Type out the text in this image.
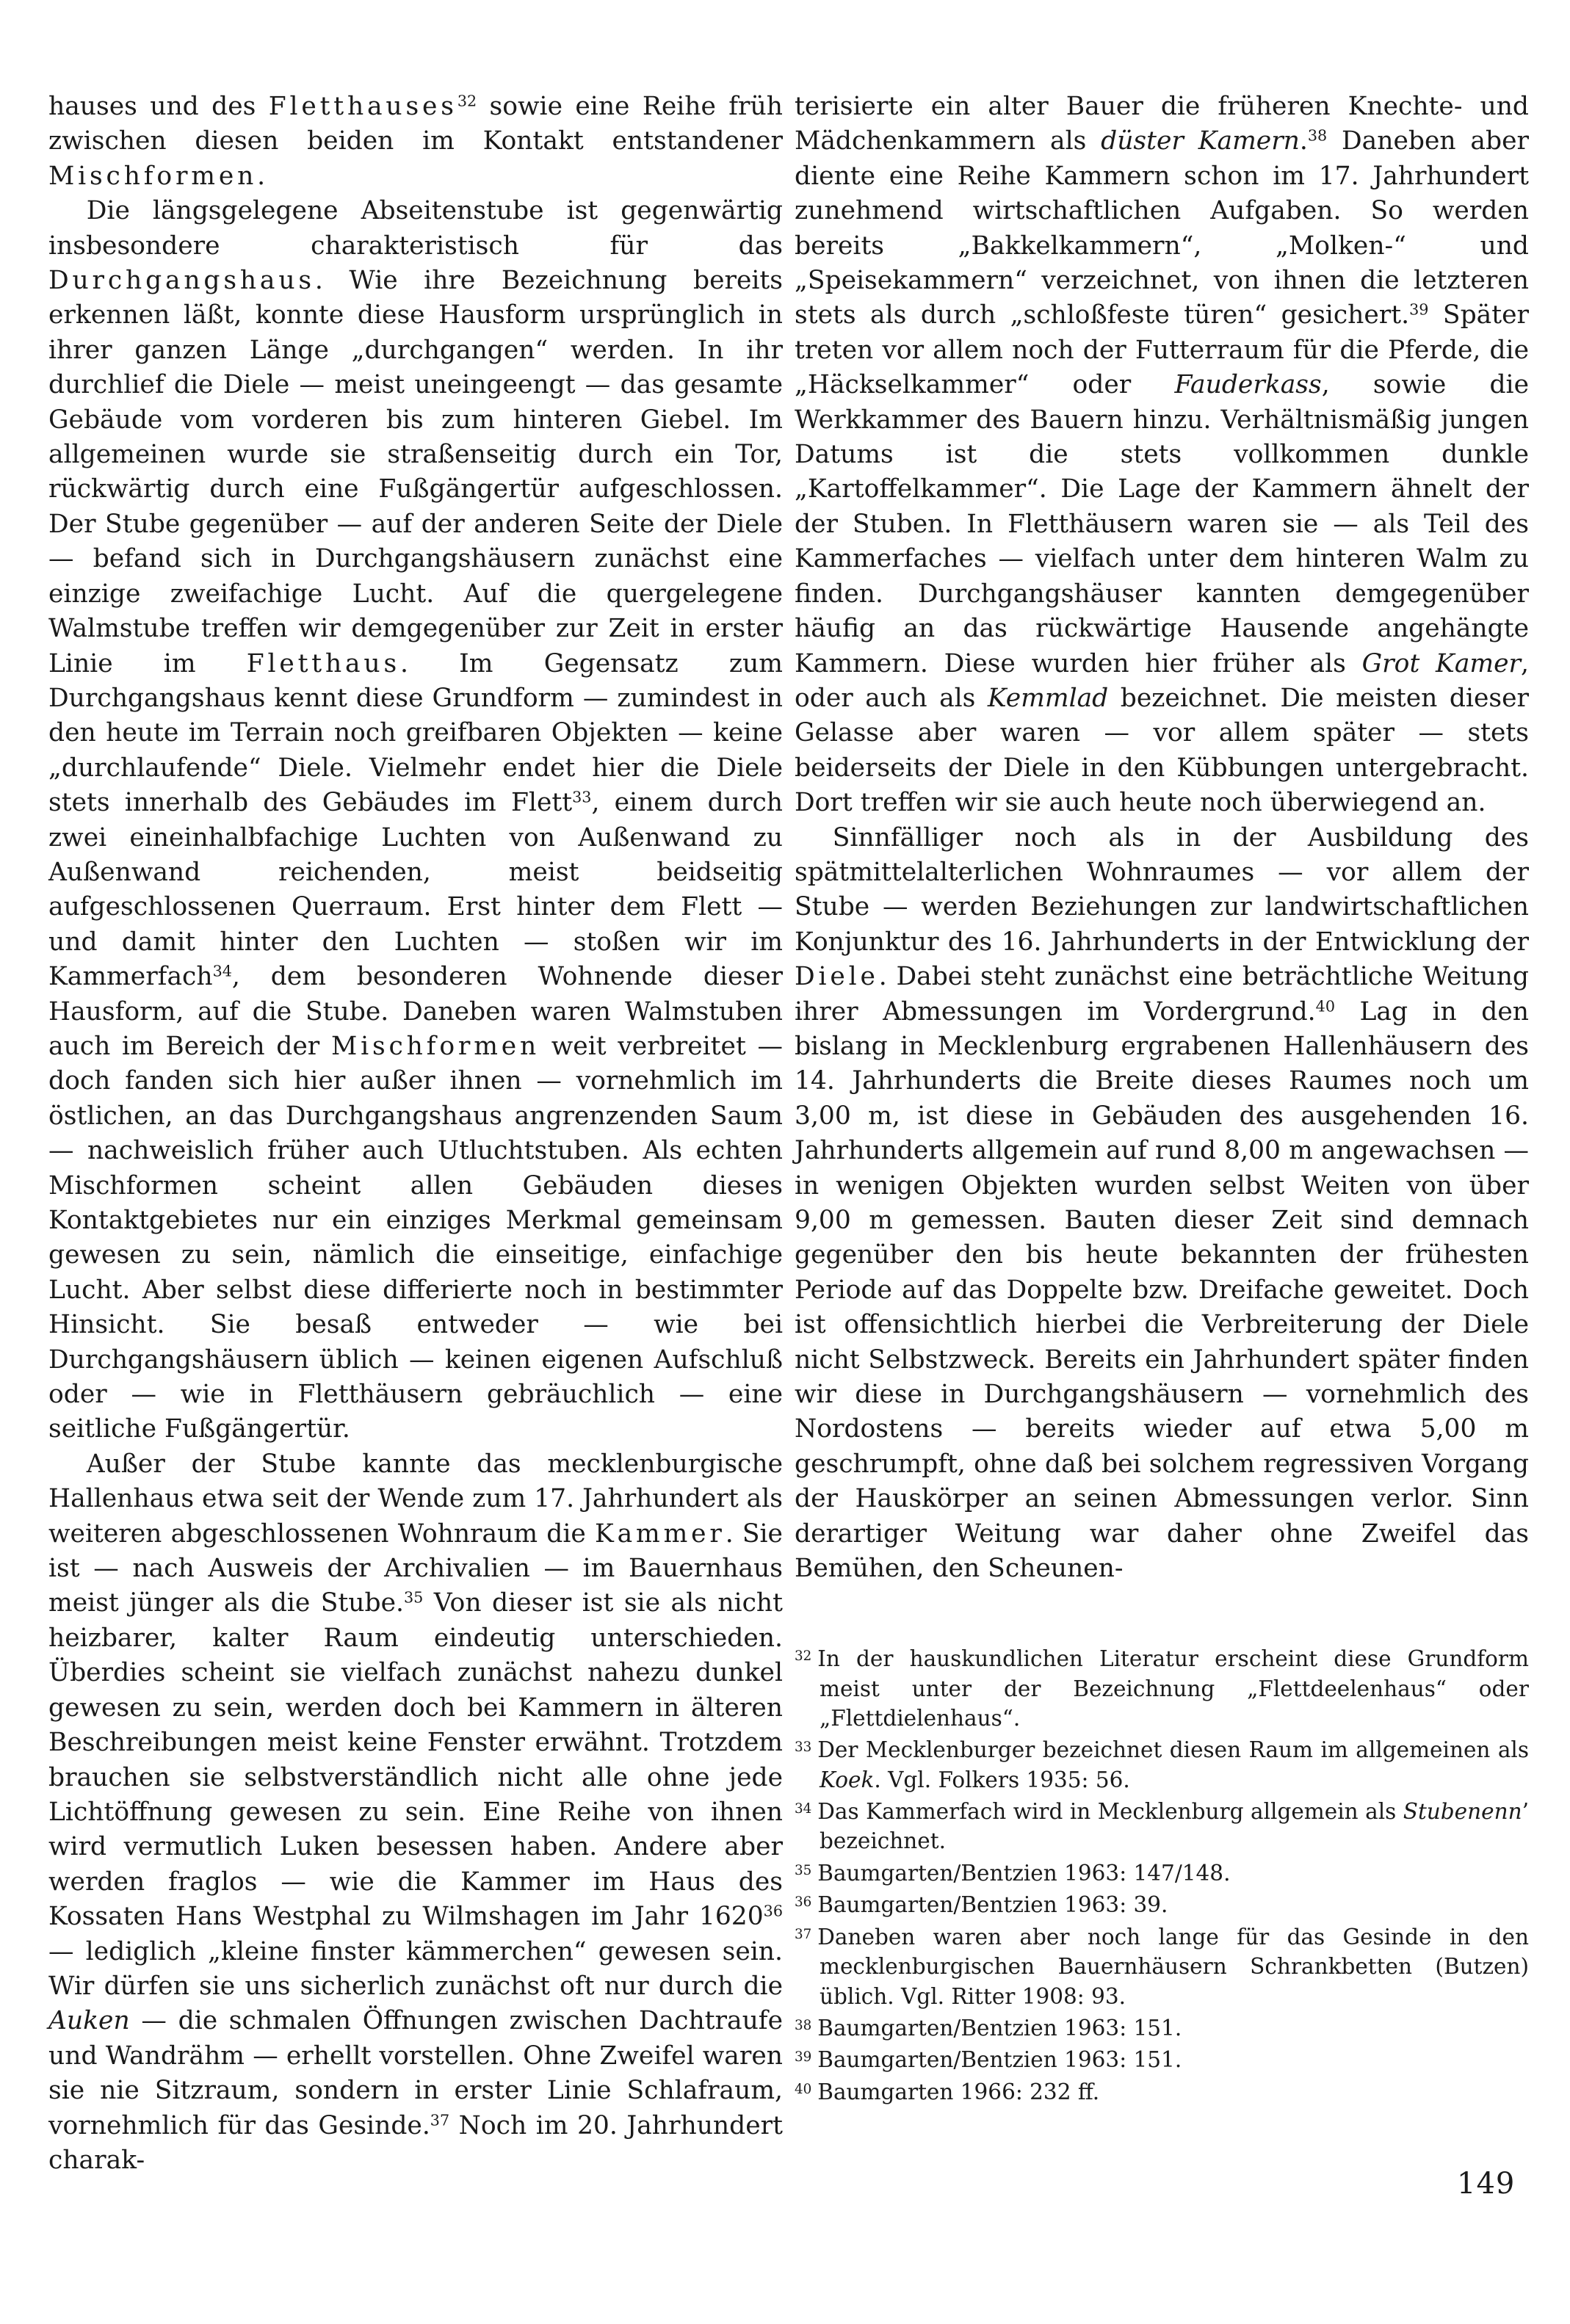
hauses und des Fletthauses$^{32}$ sowie eine Reihe früh zwischen diesen beiden im Kontakt entstandener Mischformen.

Die längsgelegene Abseitenstube ist gegenwärtig insbesondere charakteristisch für das Durchgangshaus. Wie ihre Bezeichnung bereits erkennen läßt, konnte diese Hausform ursprünglich in ihrer ganzen Länge „durchgangen“ werden. In ihr durchlief die Diele — meist uneingeengt — das gesamte Gebäude vom vorderen bis zum hinteren Giebel. Im allgemeinen wurde sie straßenseitig durch ein Tor, rückwärtig durch eine Fußgängertür aufgeschlossen. Der Stube gegenüber — auf der anderen Seite der Diele — befand sich in Durchgangshäusern zunächst eine einzige zweifachige Lucht. Auf die quergelegene Walmstube treffen wir demgegenüber zur Zeit in erster Linie im Fletthaus. Im Gegensatz zum Durchgangshaus kennt diese Grundform — zumindest in den heute im Terrain noch greifbaren Objekten — keine „durchlaufende“ Diele. Vielmehr endet hier die Diele stets innerhalb des Gebäudes im Flett$^{33}$, einem durch zwei eineinhalbfachige Luchten von Außenwand zu Außenwand reichenden, meist beidseitig aufgeschlossenen Querraum. Erst hinter dem Flett — und damit hinter den Luchten — stoßen wir im Kammerfach$^{34}$, dem besonderen Wohnende dieser Hausform, auf die Stube. Daneben waren Walmstuben auch im Bereich der Mischformen weit verbreitet — doch fanden sich hier außer ihnen — vornehmlich im östlichen, an das Durchgangshaus angrenzenden Saum — nachweislich früher auch Utluchtstuben. Als echten Mischformen scheint allen Gebäuden dieses Kontaktgebietes nur ein einziges Merkmal gemeinsam gewesen zu sein, nämlich die einseitige, einfachige Lucht. Aber selbst diese differierte noch in bestimmter Hinsicht. Sie besaß entweder — wie bei Durchgangshäusern üblich — keinen eigenen Aufschluß oder — wie in Fletthäusern gebräuchlich — eine seitliche Fußgängertür.

Außer der Stube kannte das mecklenburgische Hallenhaus etwa seit der Wende zum 17. Jahrhundert als weiteren abgeschlossenen Wohnraum die Kammer. Sie ist — nach Ausweis der Archivalien — im Bauernhaus meist jünger als die Stube.$^{35}$ Von dieser ist sie als nicht heizbarer, kalter Raum eindeutig unterschieden. Überdies scheint sie vielfach zunächst nahezu dunkel gewesen zu sein, werden doch bei Kammern in älteren Beschreibungen meist keine Fenster erwähnt. Trotzdem brauchen sie selbstverständlich nicht alle ohne jede Lichtöffnung gewesen zu sein. Eine Reihe von ihnen wird vermutlich Luken besessen haben. Andere aber werden fraglos — wie die Kammer im Haus des Kossaten Hans Westphal zu Wilmshagen im Jahr 1620$^{36}$ — lediglich „kleine finster kämmerchen“ gewesen sein. Wir dürfen sie uns sicherlich zunächst oft nur durch die Auken — die schmalen Öffnungen zwischen Dachtraufe und Wandrähm — erhellt vorstellen. Ohne Zweifel waren sie nie Sitzraum, sondern in erster Linie Schlafraum, vornehmlich für das Gesinde.$^{37}$ Noch im 20. Jahrhundert charak-

terisierte ein alter Bauer die früheren Knechte- und Mädchenkammern als düster Kamern.$^{38}$ Daneben aber diente eine Reihe Kammern schon im 17. Jahrhundert zunehmend wirtschaftlichen Aufgaben. So werden bereits „Bakkelkammern“, „Molken-“ und „Speisekammern“ verzeichnet, von ihnen die letzteren stets als durch „schloßfeste türen“ gesichert.$^{39}$ Später treten vor allem noch der Futterraum für die Pferde, die „Häckselkammer“ oder Fauderkass, sowie die Werkkammer des Bauern hinzu. Verhältnismäßig jungen Datums ist die stets vollkommen dunkle „Kartoffelkammer“. Die Lage der Kammern ähnelt der der Stuben. In Fletthäusern waren sie — als Teil des Kammerfaches — vielfach unter dem hinteren Walm zu finden. Durchgangshäuser kannten demgegenüber häufig an das rückwärtige Hausende angehängte Kammern. Diese wurden hier früher als Grot Kamer, oder auch als Kemmlad bezeichnet. Die meisten dieser Gelasse aber waren — vor allem später — stets beiderseits der Diele in den Kübbungen untergebracht. Dort treffen wir sie auch heute noch überwiegend an.

Sinnfälliger noch als in der Ausbildung des spätmittelalterlichen Wohnraumes — vor allem der Stube — werden Beziehungen zur landwirtschaftlichen Konjunktur des 16. Jahrhunderts in der Entwicklung der Diele. Dabei steht zunächst eine beträchtliche Weitung ihrer Abmessungen im Vordergrund.$^{40}$ Lag in den bislang in Mecklenburg ergrabenen Hallenhäusern des 14. Jahrhunderts die Breite dieses Raumes noch um 3,00 m, ist diese in Gebäuden des ausgehenden 16. Jahrhunderts allgemein auf rund 8,00 m angewachsen — in wenigen Objekten wurden selbst Weiten von über 9,00 m gemessen. Bauten dieser Zeit sind demnach gegenüber den bis heute bekannten der frühesten Periode auf das Doppelte bzw. Dreifache geweitet. Doch ist offensichtlich hierbei die Verbreiterung der Diele nicht Selbstzweck. Bereits ein Jahrhundert später finden wir diese in Durchgangshäusern — vornehmlich des Nordostens — bereits wieder auf etwa 5,00 m geschrumpft, ohne daß bei solchem regressiven Vorgang der Hauskörper an seinen Abmessungen verlor. Sinn derartiger Weitung war daher ohne Zweifel das Bemühen, den Scheunen-

$^{32}$ In der hauskundlichen Literatur erscheint diese Grundform meist unter der Bezeichnung „Flettdeelenhaus“ oder „Flettdielenhaus“.

$^{33}$ Der Mecklenburger bezeichnet diesen Raum im allgemeinen als Koek. Vgl. Folkers 1935: 56.

$^{34}$ Das Kammerfach wird in Mecklenburg allgemein als Stubenenn’ bezeichnet.

$^{35}$ Baumgarten/Bentzien 1963: 147/148.

$^{36}$ Baumgarten/Bentzien 1963: 39.

$^{37}$ Daneben waren aber noch lange für das Gesinde in den mecklenburgischen Bauernhäusern Schrankbetten (Butzen) üblich. Vgl. Ritter 1908: 93.

$^{38}$ Baumgarten/Bentzien 1963: 151.

$^{39}$ Baumgarten/Bentzien 1963: 151.

$^{40}$ Baumgarten 1966: 232 ff.

149
